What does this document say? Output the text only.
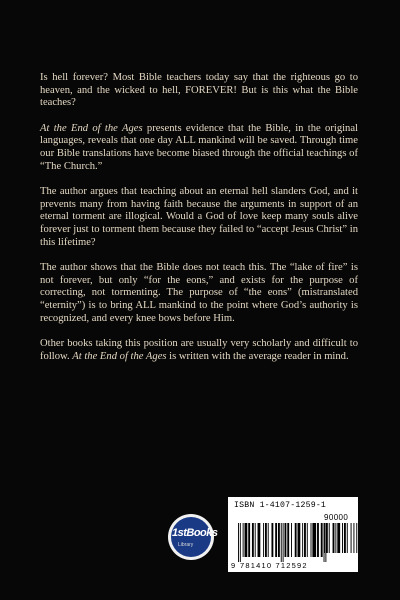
Is hell forever? Most Bible teachers today say that the righteous go to heaven, and the wicked to hell, FOREVER! But is this what the Bible teaches?

At the End of the Ages presents evidence that the Bible, in the original languages, reveals that one day ALL mankind will be saved. Through time our Bible translations have become biased through the official teachings of “The Church.”

The author argues that teaching about an eternal hell slanders God, and it prevents many from having faith because the arguments in support of an eternal torment are illogical. Would a God of love keep many souls alive forever just to torment them because they failed to “accept Jesus Christ” in this lifetime?

The author shows that the Bible does not teach this. The “lake of fire” is not forever, but only “for the eons,” and exists for the purpose of correcting, not tormenting. The purpose of “the eons” (mistranslated “eternity”) is to bring ALL mankind to the point where God’s authority is recognized, and every knee bows before Him.

Other books taking this position are usually very scholarly and difficult to follow. At the End of the Ages is written with the average reader in mind.

1stBooks
Library
ISBN 1-4107-1259-1
90000
9 781410 712592
